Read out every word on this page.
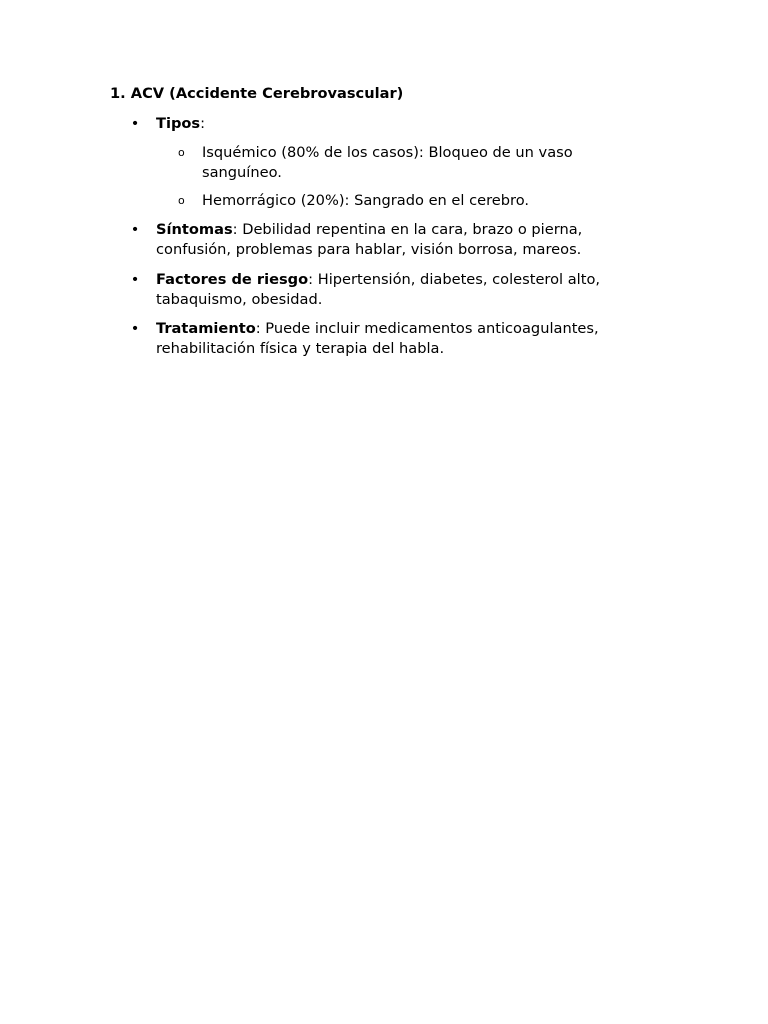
1. ACV (Accidente Cerebrovascular)
• Tipos:
o Isquémico (80% de los casos): Bloqueo de un vaso sanguíneo.
o Hemorrágico (20%): Sangrado en el cerebro.
• Síntomas: Debilidad repentina en la cara, brazo o pierna, confusión, problemas para hablar, visión borrosa, mareos.
• Factores de riesgo: Hipertensión, diabetes, colesterol alto, tabaquismo, obesidad.
• Tratamiento: Puede incluir medicamentos anticoagulantes, rehabilitación física y terapia del habla.
